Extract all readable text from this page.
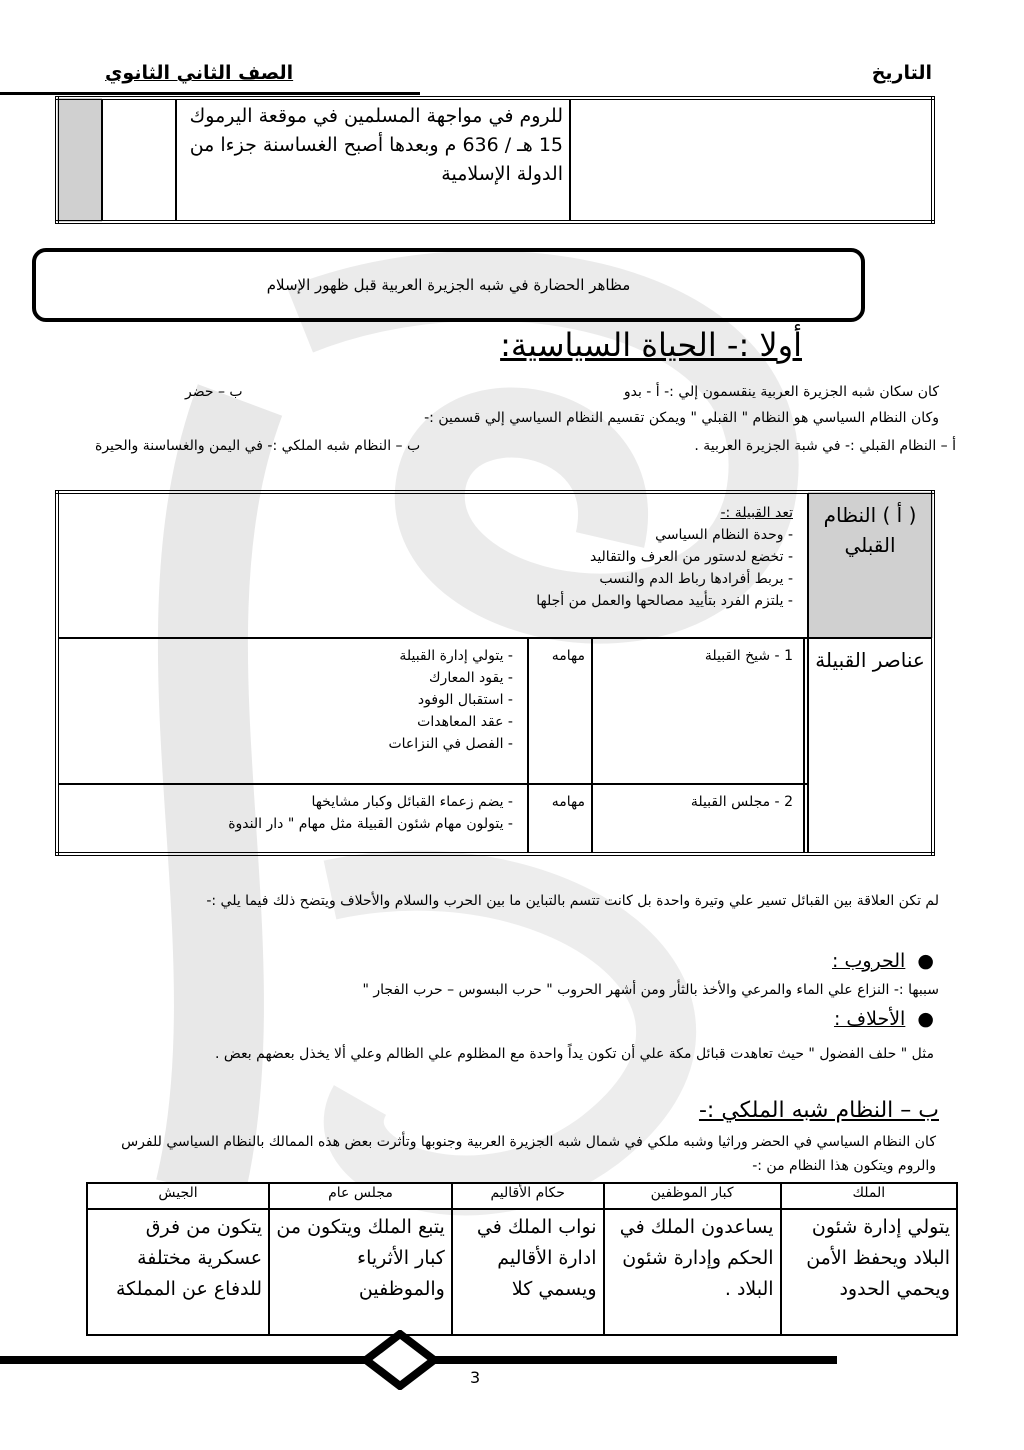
الصف الثاني الثانوي	التاريخ
		للروم في مواجهة المسلمين في موقعة اليرموك 15 هـ / 636 م وبعدها أصبح الغساسنة جزءا من الدولة الإسلامية	
مظاهر الحضارة في شبه الجزيرة العربية قبل ظهور الإسلام
أولا :- الحياة السياسية:
كان سكان شبه الجزيرة العربية ينقسمون إلي :- أ - بدو
ب – حضر
وكان النظام السياسي هو النظام " القبلي " ويمكن تقسيم النظام السياسي إلي قسمين :-
أ – النظام القبلي :- في شبة الجزيرة العربية .
ب – النظام شبه الملكي :- في اليمن والغساسنة والحيرة
تعد القبيلة :-
- وحدة النظام السياسي
- تخضع لدستور من العرف والتقاليد
- يربط أفرادها رباط الدم والنسب
- يلتزم الفرد بتأييد مصالحها والعمل من أجلها				( أ ) النظام القبلي

- يتولي إدارة القبيلة
- يقود المعارك
- استقبال الوفود
- عقد المعاهدات
- الفصل في النزاعات	مهامه	1 - شيخ القبيلة		عناصر القبيلة

- يضم زعماء القبائل وكبار مشايخها
- يتولون مهام شئون القبيلة مثل مهام " دار الندوة	مهامه	2 - مجلس القبيلة		
لم تكن العلاقة بين القبائل تسير علي وتيرة واحدة بل كانت تتسم بالتباين ما بين الحرب والسلام والأحلاف ويتضح ذلك فيما يلي :-
●  الحروب :
سببها :- النزاع علي الماء والمرعي والأخذ بالثأر ومن أشهر الحروب " حرب البسوس – حرب الفجار "
●  الأحلاف :
مثل " حلف الفضول " حيث تعاهدت قبائل مكة علي أن تكون يداً واحدة مع المظلوم علي الظالم وعلي ألا يخذل بعضهم بعض .
ب – النظام شبه الملكي :-
كان النظام السياسي في الحضر وراثيا وشبه ملكي في شمال شبه الجزيرة العربية وجنوبها وتأثرت بعض هذه الممالك بالنظام السياسي للفرس والروم ويتكون هذا النظام من :-
الملك	كبار الموظفين	حكام الأقاليم	مجلس عام	الجيش
يتولي إدارة شئون البلاد ويحفظ الأمن ويحمي الحدود	يساعدون الملك في الحكم وإدارة شئون البلاد .	نواب الملك في ادارة الأقاليم ويسمي كلا	يتبع الملك ويتكون من كبار الأثرياء والموظفين	يتكون من فرق عسكرية مختلفة للدفاع عن المملكة
3
